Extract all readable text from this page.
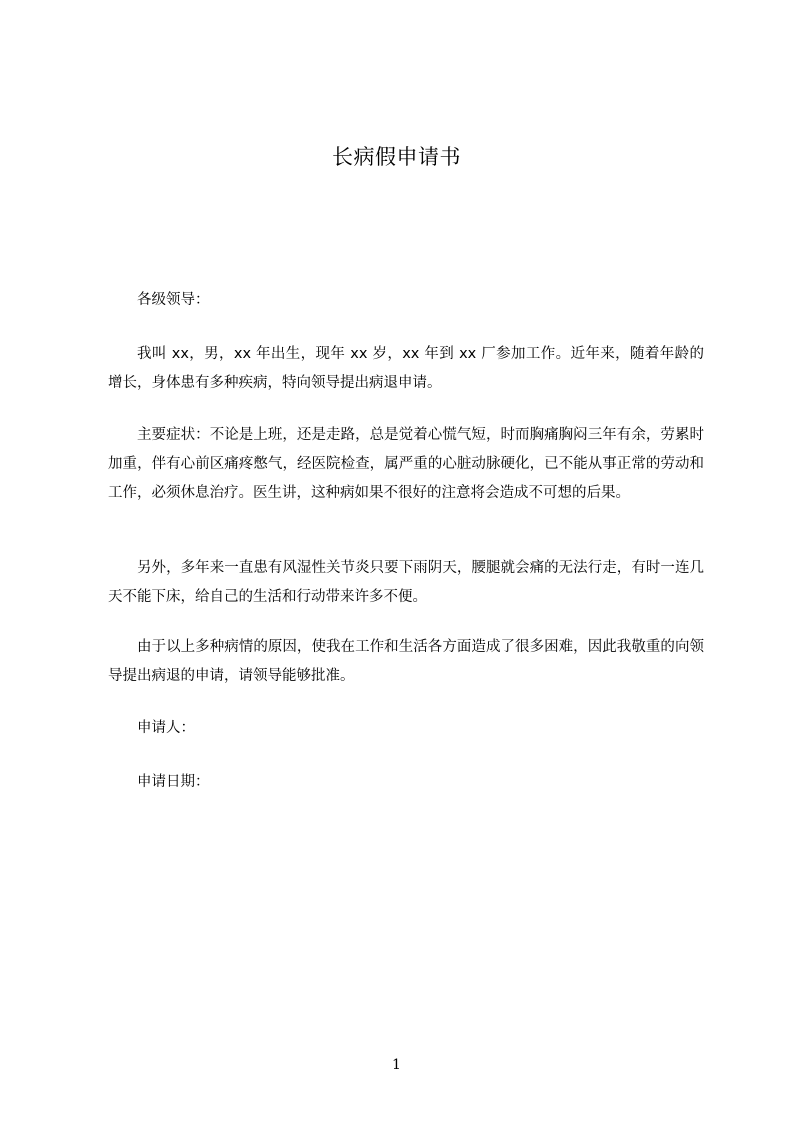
长病假申请书

各级领导：

我叫 xx，男，xx 年出生，现年 xx 岁，xx 年到 xx 厂参加工作。近年来，随着年龄的增长，身体患有多种疾病，特向领导提出病退申请。

主要症状：不论是上班，还是走路，总是觉着心慌气短，时而胸痛胸闷三年有余，劳累时加重，伴有心前区痛疼憋气，经医院检查，属严重的心脏动脉硬化，已不能从事正常的劳动和工作，必须休息治疗。医生讲，这种病如果不很好的注意将会造成不可想的后果。

另外，多年来一直患有风湿性关节炎只要下雨阴天，腰腿就会痛的无法行走，有时一连几天不能下床，给自己的生活和行动带来许多不便。

由于以上多种病情的原因，使我在工作和生活各方面造成了很多困难，因此我敬重的向领导提出病退的申请，请领导能够批准。

申请人：

申请日期：

1
